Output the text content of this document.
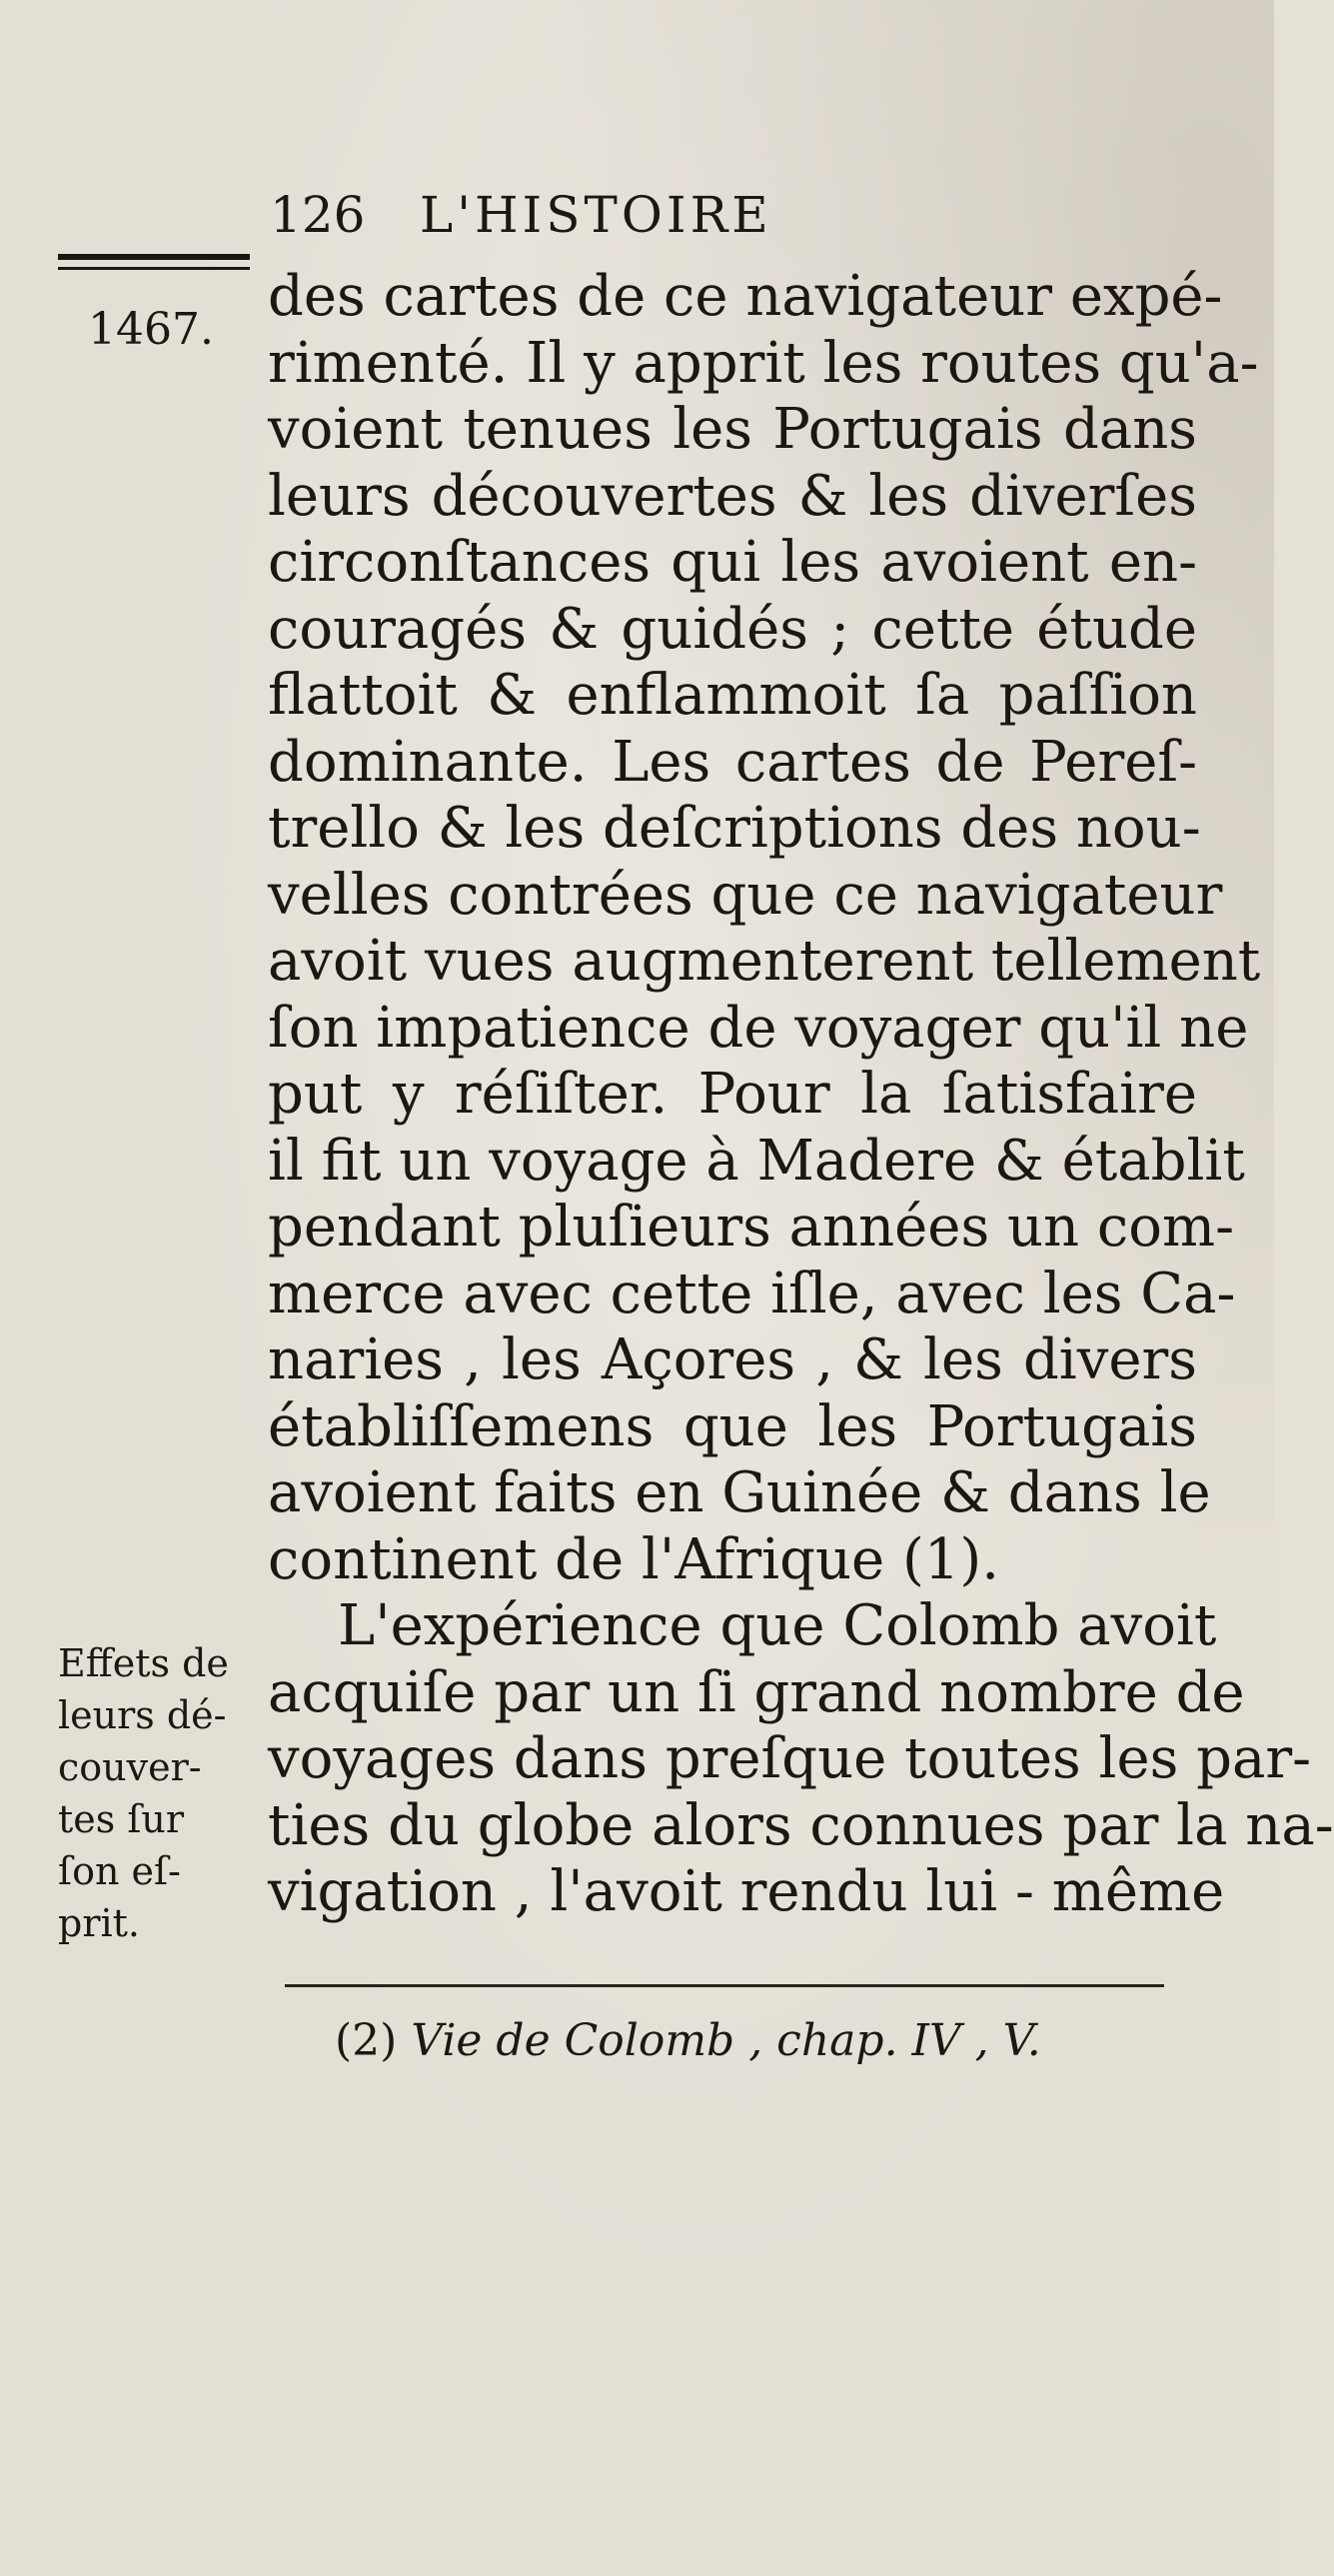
126 L'HISTOIRE
1467.
des cartes de ce navigateur expé-
rimenté. Il y apprit les routes qu'a-
voient tenues les Portugais dans
leurs découvertes & les diverſes
circonſtances qui les avoient en-
couragés & guidés ; cette étude
flattoit & enflammoit ſa paſſion
dominante. Les cartes de Pereſ-
trello & les deſcriptions des nou-
velles contrées que ce navigateur
avoit vues augmenterent tellement
ſon impatience de voyager qu'il ne
put y réſiſter. Pour la ſatisfaire
il fit un voyage à Madere & établit
pendant pluſieurs années un com-
merce avec cette iſle, avec les Ca-
naries , les Açores , & les divers
établiſſemens que les Portugais
avoient faits en Guinée & dans le
continent de l'Afrique (1).
L'expérience que Colomb avoit
acquiſe par un ſi grand nombre de
voyages dans preſque toutes les par-
ties du globe alors connues par la na-
vigation , l'avoit rendu lui - même
Effets de
leurs dé-
couver-
tes ſur
ſon eſ-
prit.
(2) Vie de Colomb , chap. IV , V.
